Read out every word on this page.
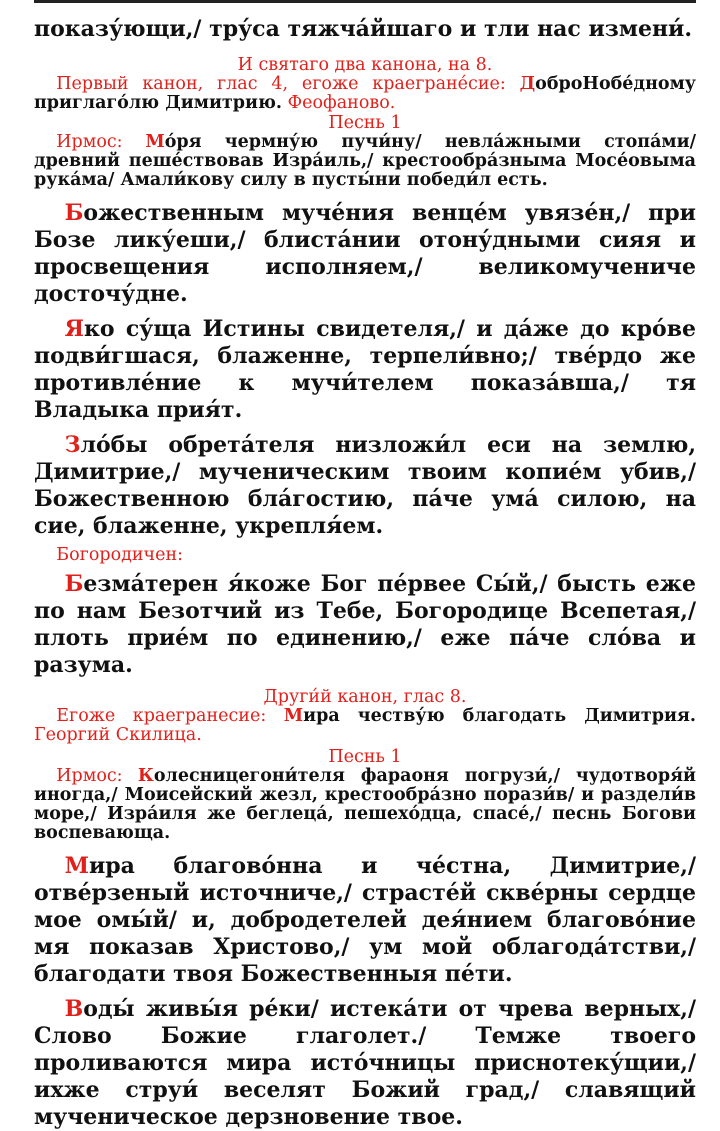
показу́ющи,/ тру́са тяжча́йшаго и тли нас измени́.

И святаго два канона, на 8.

Первый канон, глас 4, егоже краегране́сие: ДоброНобе́дному приглаго́лю Димитрию. Феофаново.

Песнь 1

Ирмос: Мо́ря чермну́ю пучи́ну/ невла́жными стопа́ми/ древний пеше́ствовав Изра́иль,/ крестообра́зныма Мосе́овыма рука́ма/ Амали́кову силу в пусты́ни победи́л есть.

Божественным муче́ния венце́м увязе́н,/ при Бозе лику́еши,/ блиста́нии отону́дными сияя и просвещения исполняем,/ великомучениче досточу́дне.

Яко су́ща Истины свидетеля,/ и да́же до кро́ве подви́гшася, блаженне, терпели́вно;/ тве́рдо же противле́ние к мучи́телем показа́вша,/ тя Владыка прия́т.

Зло́бы обрета́теля низложи́л еси на землю, Димитрие,/ мученическим твоим копие́м убив,/ Божественною бла́гостию, па́че ума́ силою, на сие, блаженне, укрепля́ем.

Богородичен:

Безма́терен я́коже Бог пе́рвее Сы́й,/ бысть еже по нам Безотчий из Тебе, Богородице Всепетая,/ плоть прие́м по единению,/ еже па́че сло́ва и разума.

Други́й канон, глас 8.

Егоже краегранесие: Мира честву́ю благодать Димитрия. Георгий Скилица.

Песнь 1

Ирмос: Колесницегони́теля фараоня погрузи́,/ чудотворя́й иногда,/ Моисейский жезл, крестообра́зно порази́в/ и раздели́в море,/ Изра́иля же беглеца́, пешехо́дца, спасе́,/ песнь Богови воспевающа.

Мира благово́нна и че́стна, Димитрие,/ отве́рзеный источниче,/ страсте́й скве́рны сердце мое омы́й/ и, добродетелей дея́нием благово́ние мя показав Христово,/ ум мой облагода́тстви,/ благодати твоя Божественныя пе́ти.

Воды́ живы́я ре́ки/ истека́ти от чрева верных,/ Слово Божие глаголет./ Темже твоего проливаются мира исто́чницы приснотеку́щии,/ ихже струи́ веселят Божий град,/ славящий мученическое дерзновение твое.
